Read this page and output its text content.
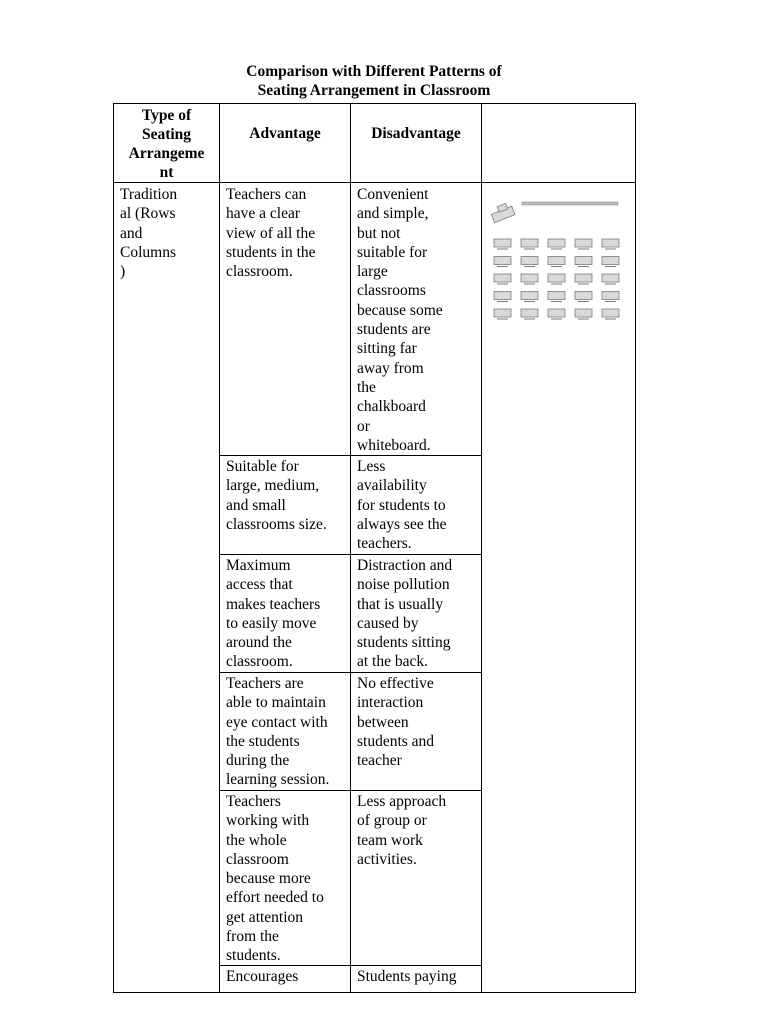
Comparison with Different Patterns of
Seating Arrangement in Classroom
Type of
Seating
Arrangeme
nt
Advantage	Disadvantage
Tradition
al (Rows
and
Columns
)
Teachers can
have a clear
view of all the
students in the
classroom.
Convenient
and simple,
but not
suitable for
large
classrooms
because some
students are
sitting far
away from
the
chalkboard
or
whiteboard.
Suitable for
large, medium,
and small
classrooms size.
Less
availability
for students to
always see the
teachers.
Maximum
access that
makes teachers
to easily move
around the
classroom.
Distraction and
noise pollution
that is usually
caused by
students sitting
at the back.
Teachers are
able to maintain
eye contact with
the students
during the
learning session.
No effective
interaction
between
students and
teacher
Teachers
working with
the whole
classroom
because more
effort needed to
get attention
from the
students.
Less approach
of group or
team work
activities.
Encourages	Students paying
